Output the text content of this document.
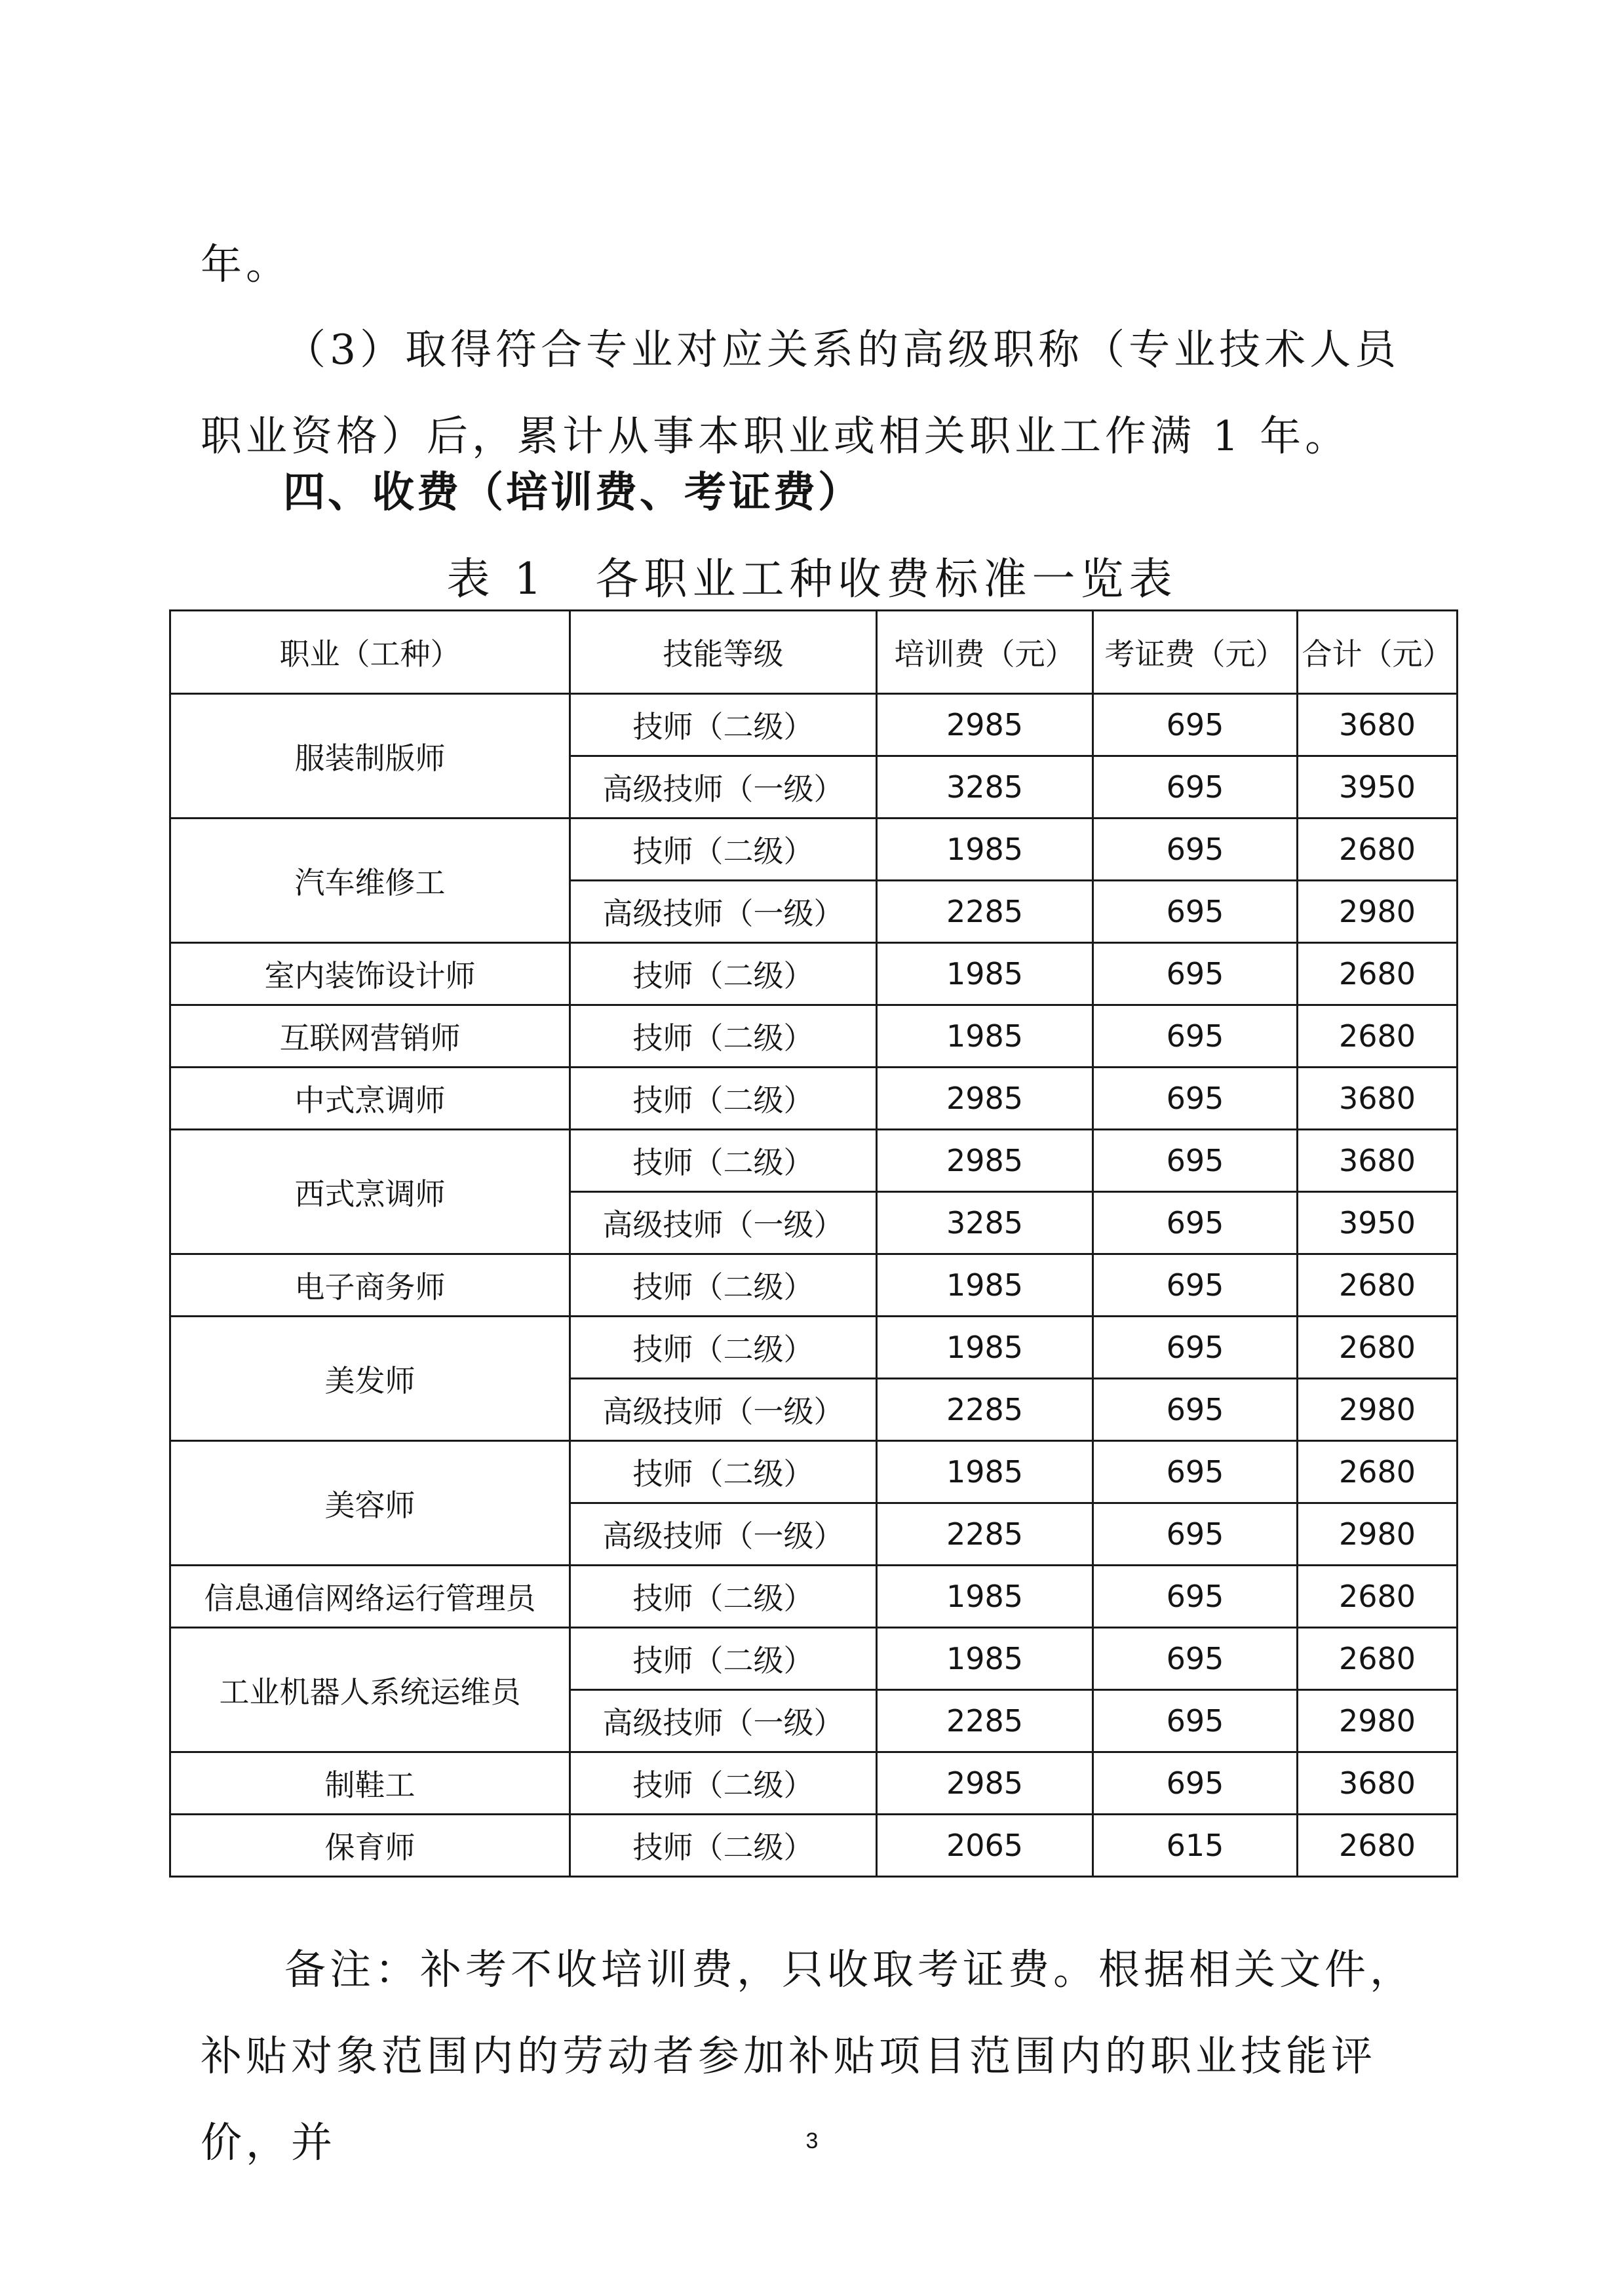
年。

（3）取得符合专业对应关系的高级职称（专业技术人员职业资格）后，累计从事本职业或相关职业工作满 1 年。

四、收费（培训费、考证费）

表 1　各职业工种收费标准一览表

职业（工种）	技能等级	培训费（元）	考证费（元）	合计（元）
服装制版师	技师（二级）	2985	695	3680
	高级技师（一级）	3285	695	3950
汽车维修工	技师（二级）	1985	695	2680
	高级技师（一级）	2285	695	2980
室内装饰设计师	技师（二级）	1985	695	2680
互联网营销师	技师（二级）	1985	695	2680
中式烹调师	技师（二级）	2985	695	3680
西式烹调师	技师（二级）	2985	695	3680
	高级技师（一级）	3285	695	3950
电子商务师	技师（二级）	1985	695	2680
美发师	技师（二级）	1985	695	2680
	高级技师（一级）	2285	695	2980
美容师	技师（二级）	1985	695	2680
	高级技师（一级）	2285	695	2980
信息通信网络运行管理员	技师（二级）	1985	695	2680
工业机器人系统运维员	技师（二级）	1985	695	2680
	高级技师（一级）	2285	695	2980
制鞋工	技师（二级）	2985	695	3680
保育师	技师（二级）	2065	615	2680

备注：补考不收培训费，只收取考证费。根据相关文件，补贴对象范围内的劳动者参加补贴项目范围内的职业技能评价，并	3
